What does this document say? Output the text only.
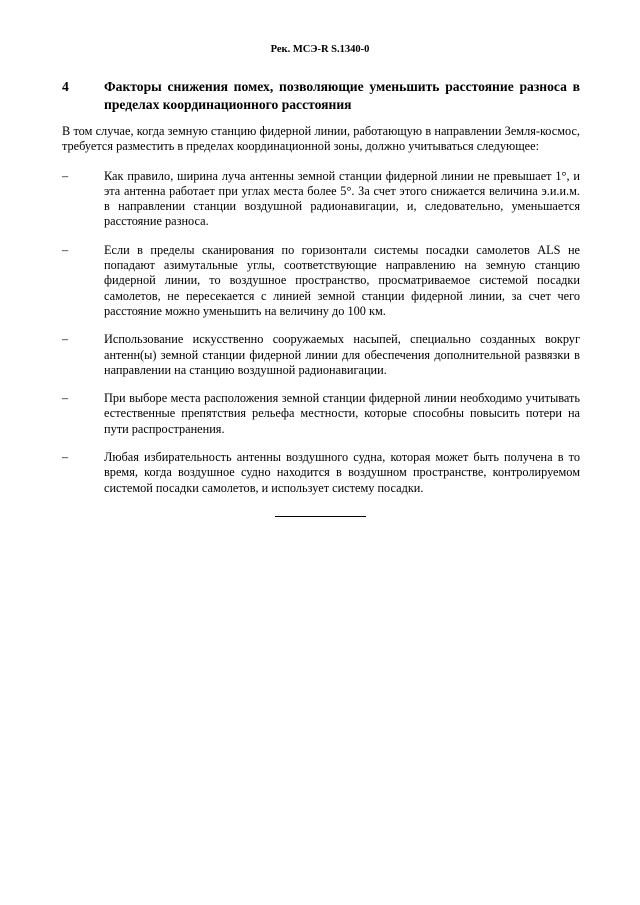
Рек. МСЭ-R S.1340-0
4	Факторы снижения помех, позволяющие уменьшить расстояние разноса в пределах координационного расстояния

В том случае, когда земную станцию фидерной линии, работающую в направлении Земля-космос, требуется разместить в пределах координационной зоны, должно учитываться следующее:

–	Как правило, ширина луча антенны земной станции фидерной линии не превышает 1°, и эта антенна работает при углах места более 5°. За счет этого снижается величина э.и.и.м. в направлении станции воздушной радионавигации, и, следовательно, уменьшается расстояние разноса.
–	Если в пределы сканирования по горизонтали системы посадки самолетов ALS не попадают азимутальные углы, соответствующие направлению на земную станцию фидерной линии, то воздушное пространство, просматриваемое системой посадки самолетов, не пересекается с линией земной станции фидерной линии, за счет чего расстояние можно уменьшить на величину до 100 км.
–	Использование искусственно сооружаемых насыпей, специально созданных вокруг антенн(ы) земной станции фидерной линии для обеспечения дополнительной развязки в направлении на станцию воздушной радионавигации.
–	При выборе места расположения земной станции фидерной линии необходимо учитывать естественные препятствия рельефа местности, которые способны повысить потери на пути распространения.
–	Любая избирательность антенны воздушного судна, которая может быть получена в то время, когда воздушное судно находится в воздушном пространстве, контролируемом системой посадки самолетов, и использует систему посадки.
